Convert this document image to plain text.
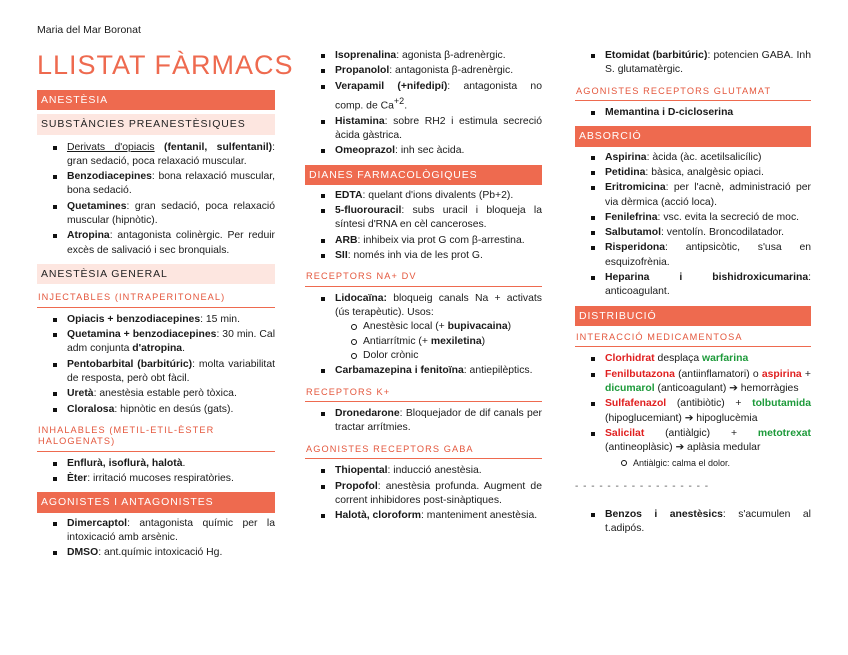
Maria del Mar Boronat
LLISTAT FÀRMACS
ANESTÈSIA
SUBSTÀNCIES PREANESTÈSIQUES
Derivats d'opiacis (fentanil, sulfentanil): gran sedació, poca relaxació muscular.
Benzodiacepines: bona relaxació muscular, bona sedació.
Quetamines: gran sedació, poca relaxació muscular (hipnòtic).
Atropina: antagonista colinèrgic. Per reduir excès de salivació i sec bronquials.
ANESTÈSIA GENERAL
INJECTABLES (INTRAPERITONEAL)
Opiacis + benzodiacepines: 15 min.
Quetamina + benzodiacepines: 30 min. Cal adm conjunta d'atropina.
Pentobarbital (barbitúric): molta variabilitat de resposta, però obt fàcil.
Uretà: anestèsia estable però tòxica.
Cloralosa: hipnòtic en desús (gats).
INHALABLES (METIL-ETIL-ÈSTER HALOGENATS)
Enflurà, isoflurà, halotà.
Èter: irritació mucoses respiratòries.
AGONISTES I ANTAGONISTES
Dimercaptol: antagonista químic per la intoxicació amb arsènic.
DMSO: ant.químic intoxicació Hg.
Isoprenalina: agonista β-adrenèrgic.
Propanolol: antagonista β-adrenèrgic.
Verapamil (+nifedipí): antagonista no comp. de $Ca^{+2}$.
Histamina: sobre RH2 i estimula secreció àcida gàstrica.
Omeoprazol: inh sec àcida.
DIANES FARMACOLÒGIQUES
EDTA: quelant d'ions divalents (Pb+2).
5-fluorouracil: subs uracil i bloqueja la síntesi d'RNA en cèl canceroses.
ARB: inhibeix via prot G com β-arrestina.
SII: només inh via de les prot G.
RECEPTORS NA+ DV
Lidocaïna: bloqueig canals Na + activats (ús terapèutic). Usos:
Anestèsic local (+ bupivacaina)
Antiarrítmic (+ mexiletina)
Dolor crònic
Carbamazepina i fenitoïna: antiepilèptics.
RECEPTORS K+
Dronedarone: Bloquejador de dif canals per tractar arrítmies.
AGONISTES RECEPTORS GABA
Thiopental: inducció anestèsia.
Propofol: anestèsia profunda. Augment de corrent inhibidores post-sinàptiques.
Halotà, cloroform: manteniment anestèsia.
Etomidat (barbitúric): potencien GABA. Inh S. glutamatèrgic.
AGONISTES RECEPTORS GLUTAMAT
Memantina i D-cicloserina
ABSORCIÓ
Aspirina: àcida (àc. acetilsalicílic)
Petidina: bàsica, analgèsic opiaci.
Eritromicina: per l'acnè, administració per via dèrmica (acció loca).
Fenilefrina: vsc. evita la secreció de moc.
Salbutamol: ventolín. Broncodilatador.
Risperidona: antipsicòtic, s'usa en esquizofrènia.
Heparina i bishidroxicumarina: anticoagulant.
DISTRIBUCIÓ
INTERACCIÓ MEDICAMENTOSA
Clorhidrat desplaça warfarina
Fenilbutazona (antiinflamatori) o aspirina + dicumarol (anticoagulant) ➔ hemorràgies
Sulfafenazol (antibiòtic) + tolbutamida (hipoglucemiant) ➔ hipoglucèmia
Salicilat (antiàlgic) + metotrexat (antineoplàsic) ➔ aplàsia medular
Antiàlgic: calma el dolor.
- - - - - - - - - - - - - - - - -
Benzos i anestèsics: s'acumulen al t.adipós.
